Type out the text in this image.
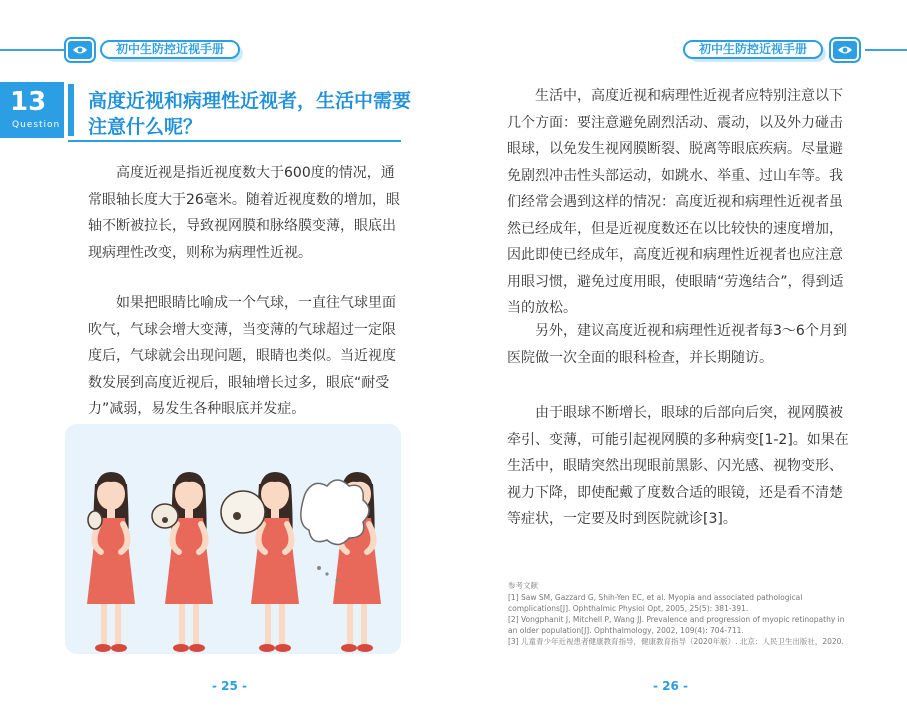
初中生防控近视手册
13
Question
高度近视和病理性近视者，生活中需要注意什么呢？
高度近视是指近视度数大于600度的情况，通常眼轴长度大于26毫米。随着近视度数的增加，眼轴不断被拉长，导致视网膜和脉络膜变薄，眼底出现病理性改变，则称为病理性近视。
如果把眼睛比喻成一个气球，一直往气球里面吹气，气球会增大变薄，当变薄的气球超过一定限度后，气球就会出现问题，眼睛也类似。当近视度数发展到高度近视后，眼轴增长过多，眼底“耐受力”减弱，易发生各种眼底并发症。
- 25 -
初中生防控近视手册
生活中，高度近视和病理性近视者应特别注意以下几个方面：要注意避免剧烈活动、震动，以及外力碰击眼球，以免发生视网膜断裂、脱离等眼底疾病。尽量避免剧烈冲击性头部运动，如跳水、举重、过山车等。我们经常会遇到这样的情况：高度近视和病理性近视者虽然已经成年，但是近视度数还在以比较快的速度增加，因此即使已经成年，高度近视和病理性近视者也应注意用眼习惯，避免过度用眼，使眼睛“劳逸结合”，得到适当的放松。
另外，建议高度近视和病理性近视者每3～6个月到医院做一次全面的眼科检查，并长期随访。
由于眼球不断增长，眼球的后部向后突，视网膜被牵引、变薄，可能引起视网膜的多种病变[1-2]。如果在生活中，眼睛突然出现眼前黑影、闪光感、视物变形、视力下降，即使配戴了度数合适的眼镜，还是看不清楚等症状，一定要及时到医院就诊[3]。
- 26 -
参考文献
[1] Saw SM, Gazzard G, Shih-Yen EC, et al. Myopia and associated pathological complications[J]. Ophthalmic Physiol Opt, 2005, 25(5): 381-391.
[2] Vongphanit J, Mitchell P, Wang JJ. Prevalence and progression of myopic retinopathy in an older population[J]. Ophthalmology, 2002, 109(4): 704-711.
[3] 儿童青少年近视患者健康教育指导，健康教育指导（2020年版）. 北京：人民卫生出版社，2020.
